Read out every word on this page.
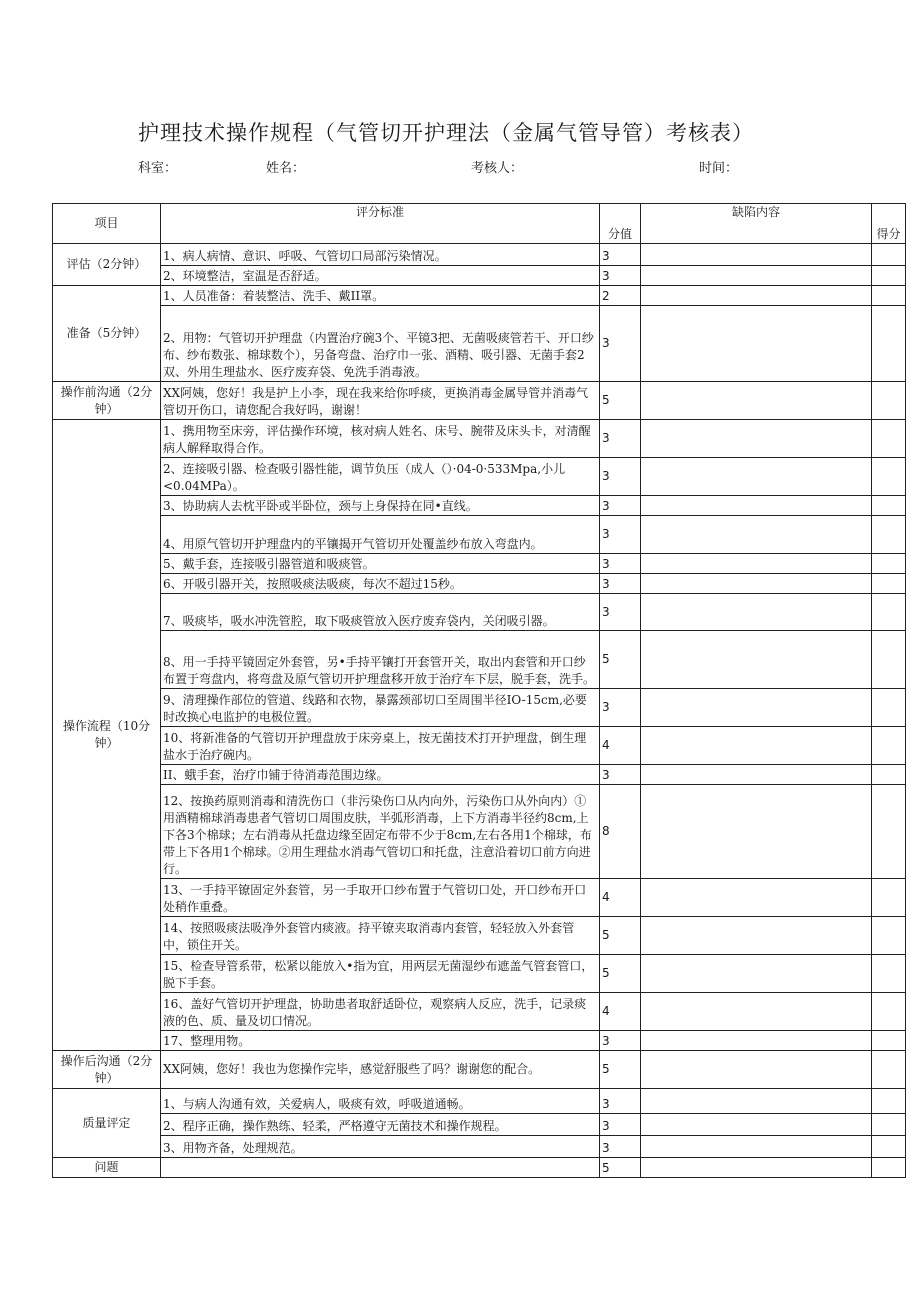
护理技术操作规程（气管切开护理法（金属气管导管）考核表）
科室：	姓名：	考核人：	时间：
项目	评分标准	分值	缺陷内容	得分
评估（2分钟）	1、病人病情、意识、呼吸、气管切口局部污染情况。	3		
	2、环境整洁，室温是否舒适。	3		
准备（5分钟）	1、人员准备：着装整洁、洗手、戴II罩。	2		
	2、用物：气管切开护理盘（内置治疗碗3个、平镜3把、无菌吸痰管若干、开口纱布、纱布数张、棉球数个），另备弯盘、治疗巾一张、酒精、吸引器、无菌手套2双、外用生理盐水、医疗废弃袋、免洗手消毒液。	3		
操作前沟通（2分钟）	XX阿姨，您好！我是护上小李，现在我来给你呼痰，更换消毒金属导管并消毒气管切开伤口，请您配合我好吗，谢谢！	5		
操作流程（10分钟）	1、携用物至床旁，评估操作环境，核对病人姓名、床号、腕带及床头卡，对清醒病人解释取得合作。	3		
	2、连接吸引器、检查吸引器性能，调节负压（成人（）·04-0·533Mpa,小儿<0.04MPa）。	3		
	3、协助病人去枕平卧或半卧位，颈与上身保持在同•直线。	3		
	4、用原气管切开护理盘内的平镶揭开气管切开处覆盖纱布放入弯盘内。	3		
	5、戴手套，连接吸引器管道和吸痰管。	3		
	6、开吸引器开关，按照吸痰法吸痰，每次不超过15秒。	3		
	7、吸痰毕，吸水冲洗管腔，取下吸痰管放入医疗废弃袋内，关闭吸引器。	3		
	8、用一手持平镜固定外套管，另•手持平镶打开套管开关，取出内套管和开口纱布置于弯盘内，将弯盘及原气管切开护理盘移开放于治疗车下层，脱手套，洗手。	5		
	9、清理操作部位的管道、线路和衣物，暴露颈部切口至周围半径IO-15cm,必要时改换心电监护的电极位置。	3		
	10、将新准备的气管切开护理盘放于床旁桌上，按无菌技术打开护理盘，倒生理盐水于治疗碗内。	4		
	II、蛾手套，治疗巾铺于待消毒范围边缘。	3		
	12、按换药原则消毒和清洗伤口（非污染伤口从内向外，污染伤口从外向内）①用酒精棉球消毒患者气管切口周围皮肤，半弧形消毒，上下方消毒半径约8cm,上下各3个棉球；左右消毒从托盘边缘至固定布带不少于8cm,左右各用1个棉球，布带上下各用1个棉球。②用生理盐水消毒气管切口和托盘，注意沿着切口前方向进行。	8		
	13、一手持平镣固定外套管，另一手取开口纱布置于气管切口处，开口纱布开口处稍作重叠。	4		
	14、按照吸痰法吸净外套管内痰液。持平镣夹取消毒内套管，轻轻放入外套管中，锁住开关。	5		
	15、检查导管系带，松紧以能放入•指为宜，用两层无菌湿纱布遮盖气管套管口，脱下手套。	5		
	16、盖好气管切开护理盘，协助患者取舒适卧位，观察病人反应，洗手，记录痰液的色、质、量及切口情况。	4		
	17、整理用物。	3		
操作后沟通（2分钟）	XX阿姨，您好！我也为您操作完毕，感觉舒服些了吗？谢谢您的配合。	5		
质量评定	1、与病人沟通有效，关爱病人，吸痰有效，呼吸道通畅。	3		
	2、程序正确，操作熟练、轻柔，严格遵守无菌技术和操作规程。	3		
	3、用物齐备，处理规范。	3		
问题		5		
